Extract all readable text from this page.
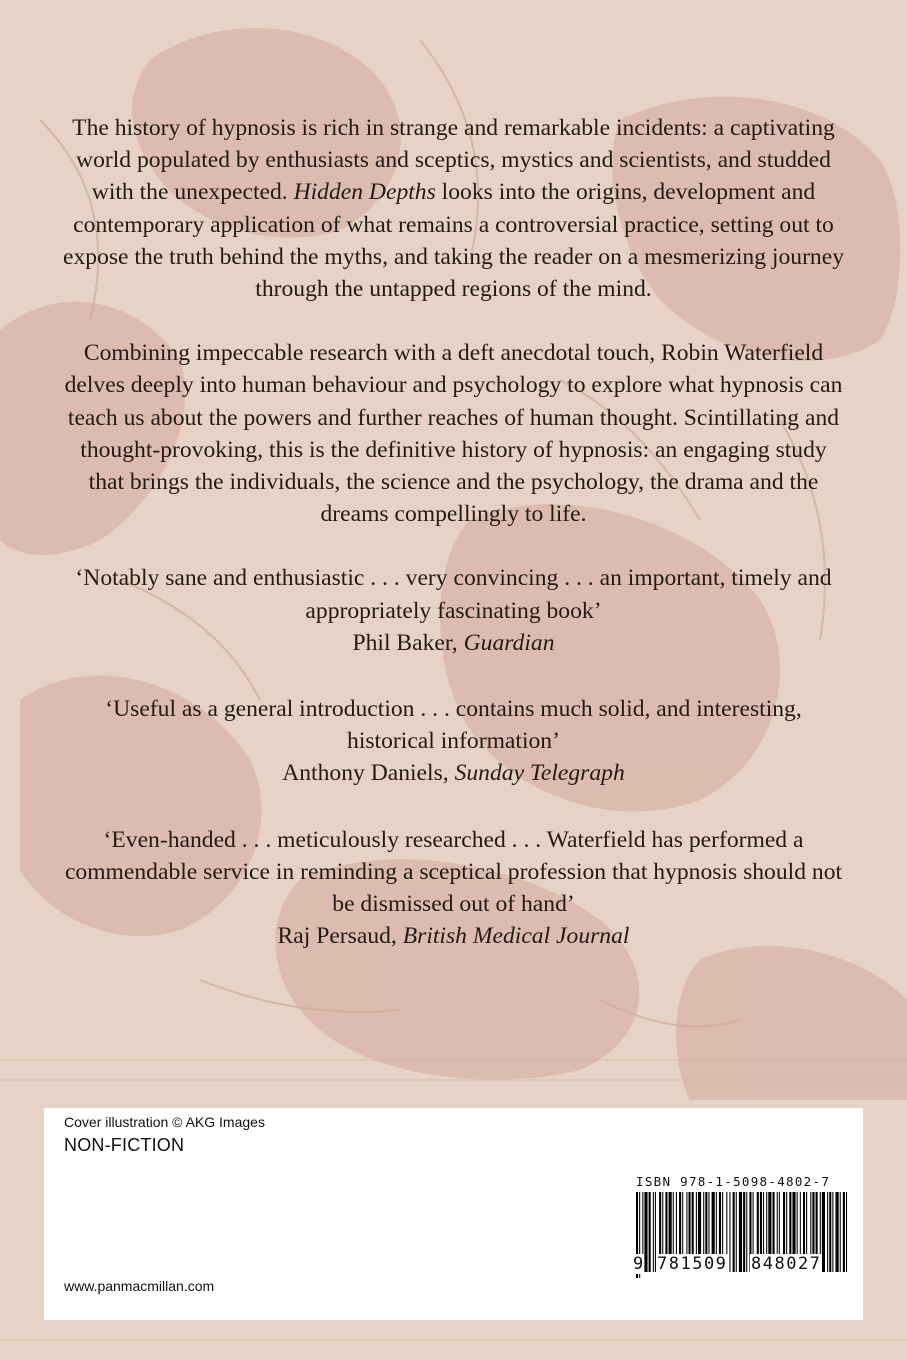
The history of hypnosis is rich in strange and remarkable incidents: a captivating world populated by enthusiasts and sceptics, mystics and scientists, and studded with the unexpected. Hidden Depths looks into the origins, development and contemporary application of what remains a controversial practice, setting out to expose the truth behind the myths, and taking the reader on a mesmerizing journey through the untapped regions of the mind.

Combining impeccable research with a deft anecdotal touch, Robin Waterfield delves deeply into human behaviour and psychology to explore what hypnosis can teach us about the powers and further reaches of human thought. Scintillating and thought-provoking, this is the definitive history of hypnosis: an engaging study that brings the individuals, the science and the psychology, the drama and the dreams compellingly to life.

‘Notably sane and enthusiastic . . . very convincing . . . an important, timely and appropriately fascinating book’
Phil Baker, Guardian

‘Useful as a general introduction . . . contains much solid, and interesting, historical information’
Anthony Daniels, Sunday Telegraph

‘Even-handed . . . meticulously researched . . . Waterfield has performed a commendable service in reminding a sceptical profession that hypnosis should not be dismissed out of hand’
Raj Persaud, British Medical Journal

Cover illustration © AKG Images
NON-FICTION
ISBN 978-1-5098-4802-7
9 781509 848027
www.panmacmillan.com
